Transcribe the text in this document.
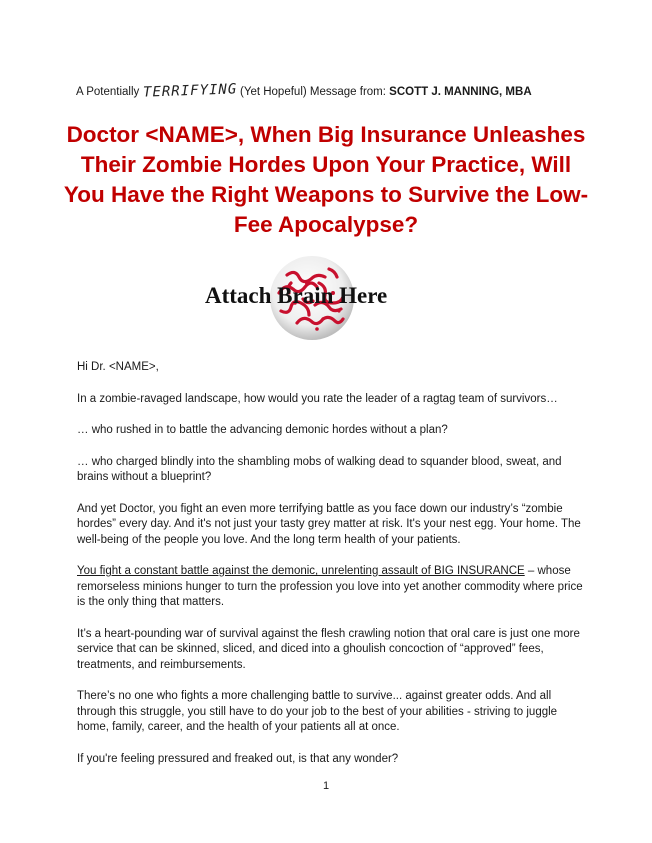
A Potentially TERRIFYING (Yet Hopeful) Message from: SCOTT J. MANNING, MBA
Doctor <NAME>, When Big Insurance Unleashes Their Zombie Hordes Upon Your Practice, Will You Have the Right Weapons to Survive the Low-Fee Apocalypse?
Attach Brain Here

Hi Dr. <NAME>,

In a zombie-ravaged landscape, how would you rate the leader of a ragtag team of survivors…

… who rushed in to battle the advancing demonic hordes without a plan?

… who charged blindly into the shambling mobs of walking dead to squander blood, sweat, and brains without a blueprint?

And yet Doctor, you fight an even more terrifying battle as you face down our industry’s “zombie hordes” every day. And it's not just your tasty grey matter at risk. It's your nest egg. Your home. The well-being of the people you love. And the long term health of your patients.

You fight a constant battle against the demonic, unrelenting assault of BIG INSURANCE – whose remorseless minions hunger to turn the profession you love into yet another commodity where price is the only thing that matters.

It’s a heart-pounding war of survival against the flesh crawling notion that oral care is just one more service that can be skinned, sliced, and diced into a ghoulish concoction of “approved” fees, treatments, and reimbursements.

There’s no one who fights a more challenging battle to survive... against greater odds. And all through this struggle, you still have to do your job to the best of your abilities - striving to juggle home, family, career, and the health of your patients all at once.

If you're feeling pressured and freaked out, is that any wonder?

1
